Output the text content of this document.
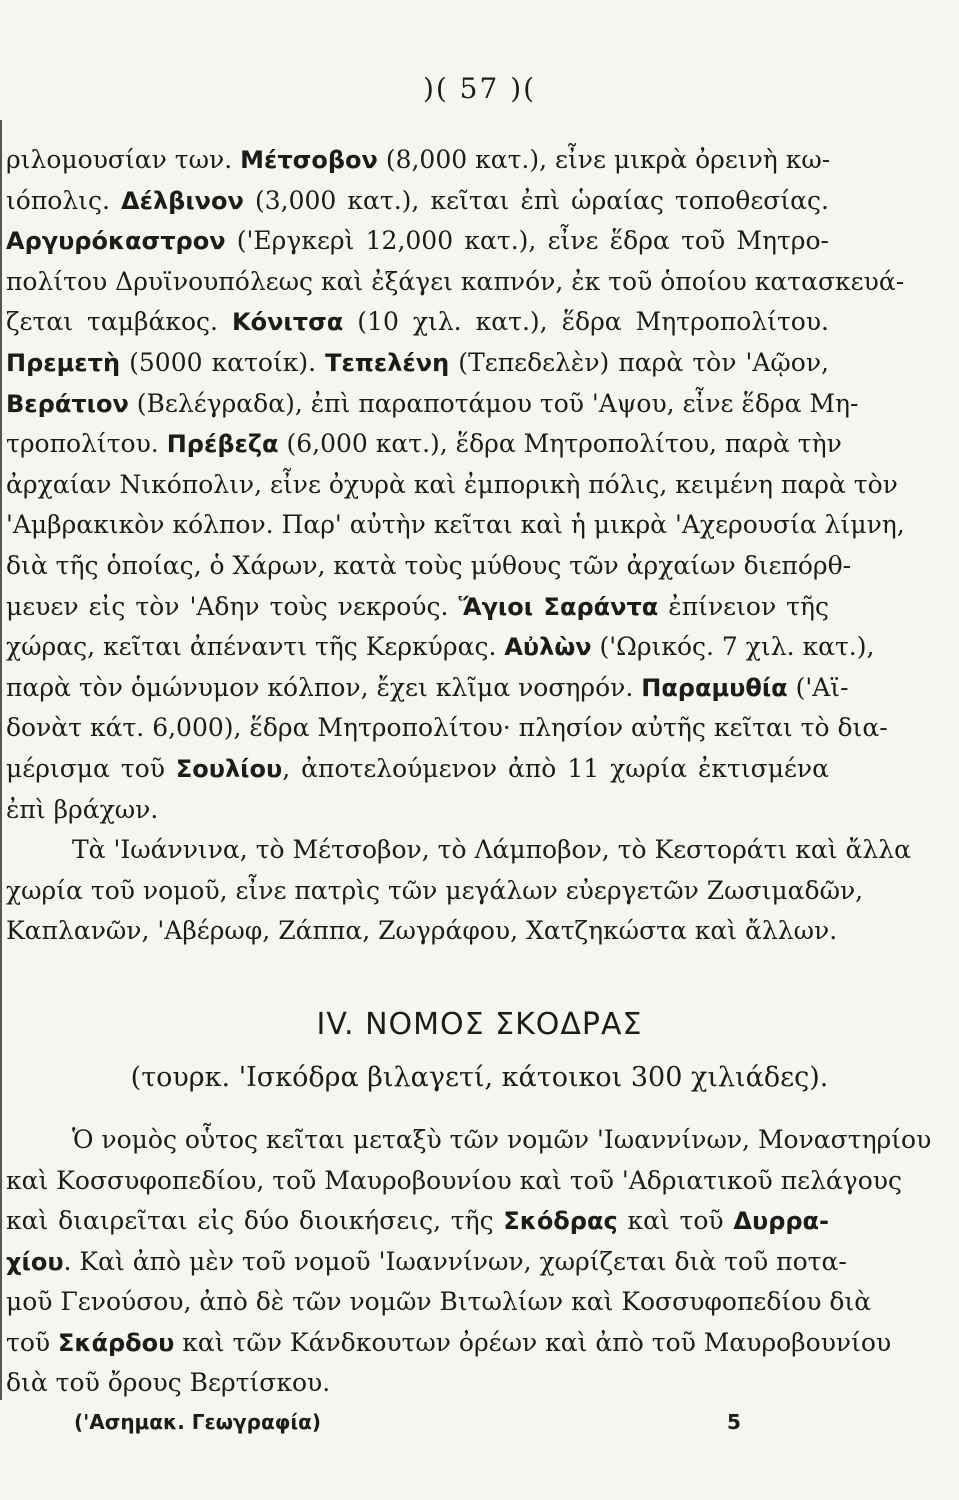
)( 57 )(
ριλομουσίαν των. Μέτσοβον (8,000 κατ.), εἶνε μικρὰ ὀρεινὴ κω-
ιόπολις. Δέλβινον (3,000 κατ.), κεῖται ἐπὶ ὡραίας τοποθεσίας.
Αργυρόκαστρον ('Εργκερὶ 12,000 κατ.), εἶνε ἕδρα τοῦ Μητρο-
πολίτου Δρυϊνουπόλεως καὶ ἐξάγει καπνόν, ἐκ τοῦ ὁποίου κατασκευά-
ζεται ταμβάκος. Κόνιτσα (10 χιλ. κατ.), ἕδρα Μητροπολίτου.
Πρεμετὴ (5000 κατοίκ). Τεπελένη (Τεπεδελὲν) παρὰ τὸν 'Αῷον,
Βεράτιον (Βελέγραδα), ἐπὶ παραποτάμου τοῦ 'Αψου, εἶνε ἕδρα Μη-
τροπολίτου. Πρέβεζα (6,000 κατ.), ἕδρα Μητροπολίτου, παρὰ τὴν
ἀρχαίαν Νικόπολιν, εἶνε ὀχυρὰ καὶ ἐμπορικὴ πόλις, κειμένη παρὰ τὸν
'Αμβρακικὸν κόλπον. Παρ' αὐτὴν κεῖται καὶ ἡ μικρὰ 'Αχερουσία λίμνη,
διὰ τῆς ὁποίας, ὁ Χάρων, κατὰ τοὺς μύθους τῶν ἀρχαίων διεπόρθ-
μευεν εἰς τὸν 'Αδην τοὺς νεκρούς. Ἅγιοι Σαράντα ἐπίνειον τῆς
χώρας, κεῖται ἀπέναντι τῆς Κερκύρας. Αὐλὼν ('Ωρικός. 7 χιλ. κατ.),
παρὰ τὸν ὁμώνυμον κόλπον, ἔχει κλῖμα νοσηρόν. Παραμυθία ('Αϊ-
δονὰτ κάτ. 6,000), ἕδρα Μητροπολίτου· πλησίον αὐτῆς κεῖται τὸ δια-
μέρισμα τοῦ Σουλίου, ἀποτελούμενον ἀπὸ 11 χωρία ἐκτισμένα
ἐπὶ βράχων.
Τὰ 'Ιωάννινα, τὸ Μέτσοβον, τὸ Λάμποβον, τὸ Κεστοράτι καὶ ἄλλα
χωρία τοῦ νομοῦ, εἶνε πατρὶς τῶν μεγάλων εὐεργετῶν Ζωσιμαδῶν,
Καπλανῶν, 'Αβέρωφ, Ζάππα, Ζωγράφου, Χατζηκώστα καὶ ἄλλων.
IV. ΝΟΜΟΣ ΣΚΟΔΡΑΣ
(τουρκ. 'Ισκόδρα βιλαγετί, κάτοικοι 300 χιλιάδες).
Ὁ νομὸς οὗτος κεῖται μεταξὺ τῶν νομῶν 'Ιωαννίνων, Μοναστηρίου
καὶ Κοσσυφοπεδίου, τοῦ Μαυροβουνίου καὶ τοῦ 'Αδριατικοῦ πελάγους
καὶ διαιρεῖται εἰς δύο διοικήσεις, τῆς Σκόδρας καὶ τοῦ Δυρρα-
χίου. Καὶ ἀπὸ μὲν τοῦ νομοῦ 'Ιωαννίνων, χωρίζεται διὰ τοῦ ποτα-
μοῦ Γενούσου, ἀπὸ δὲ τῶν νομῶν Βιτωλίων καὶ Κοσσυφοπεδίου διὰ
τοῦ Σκάρδου καὶ τῶν Κάνδκουτων ὀρέων καὶ ἀπὸ τοῦ Μαυροβουνίου
διὰ τοῦ ὄρους Βερτίσκου.
('Ασημακ. Γεωγραφία)	5
